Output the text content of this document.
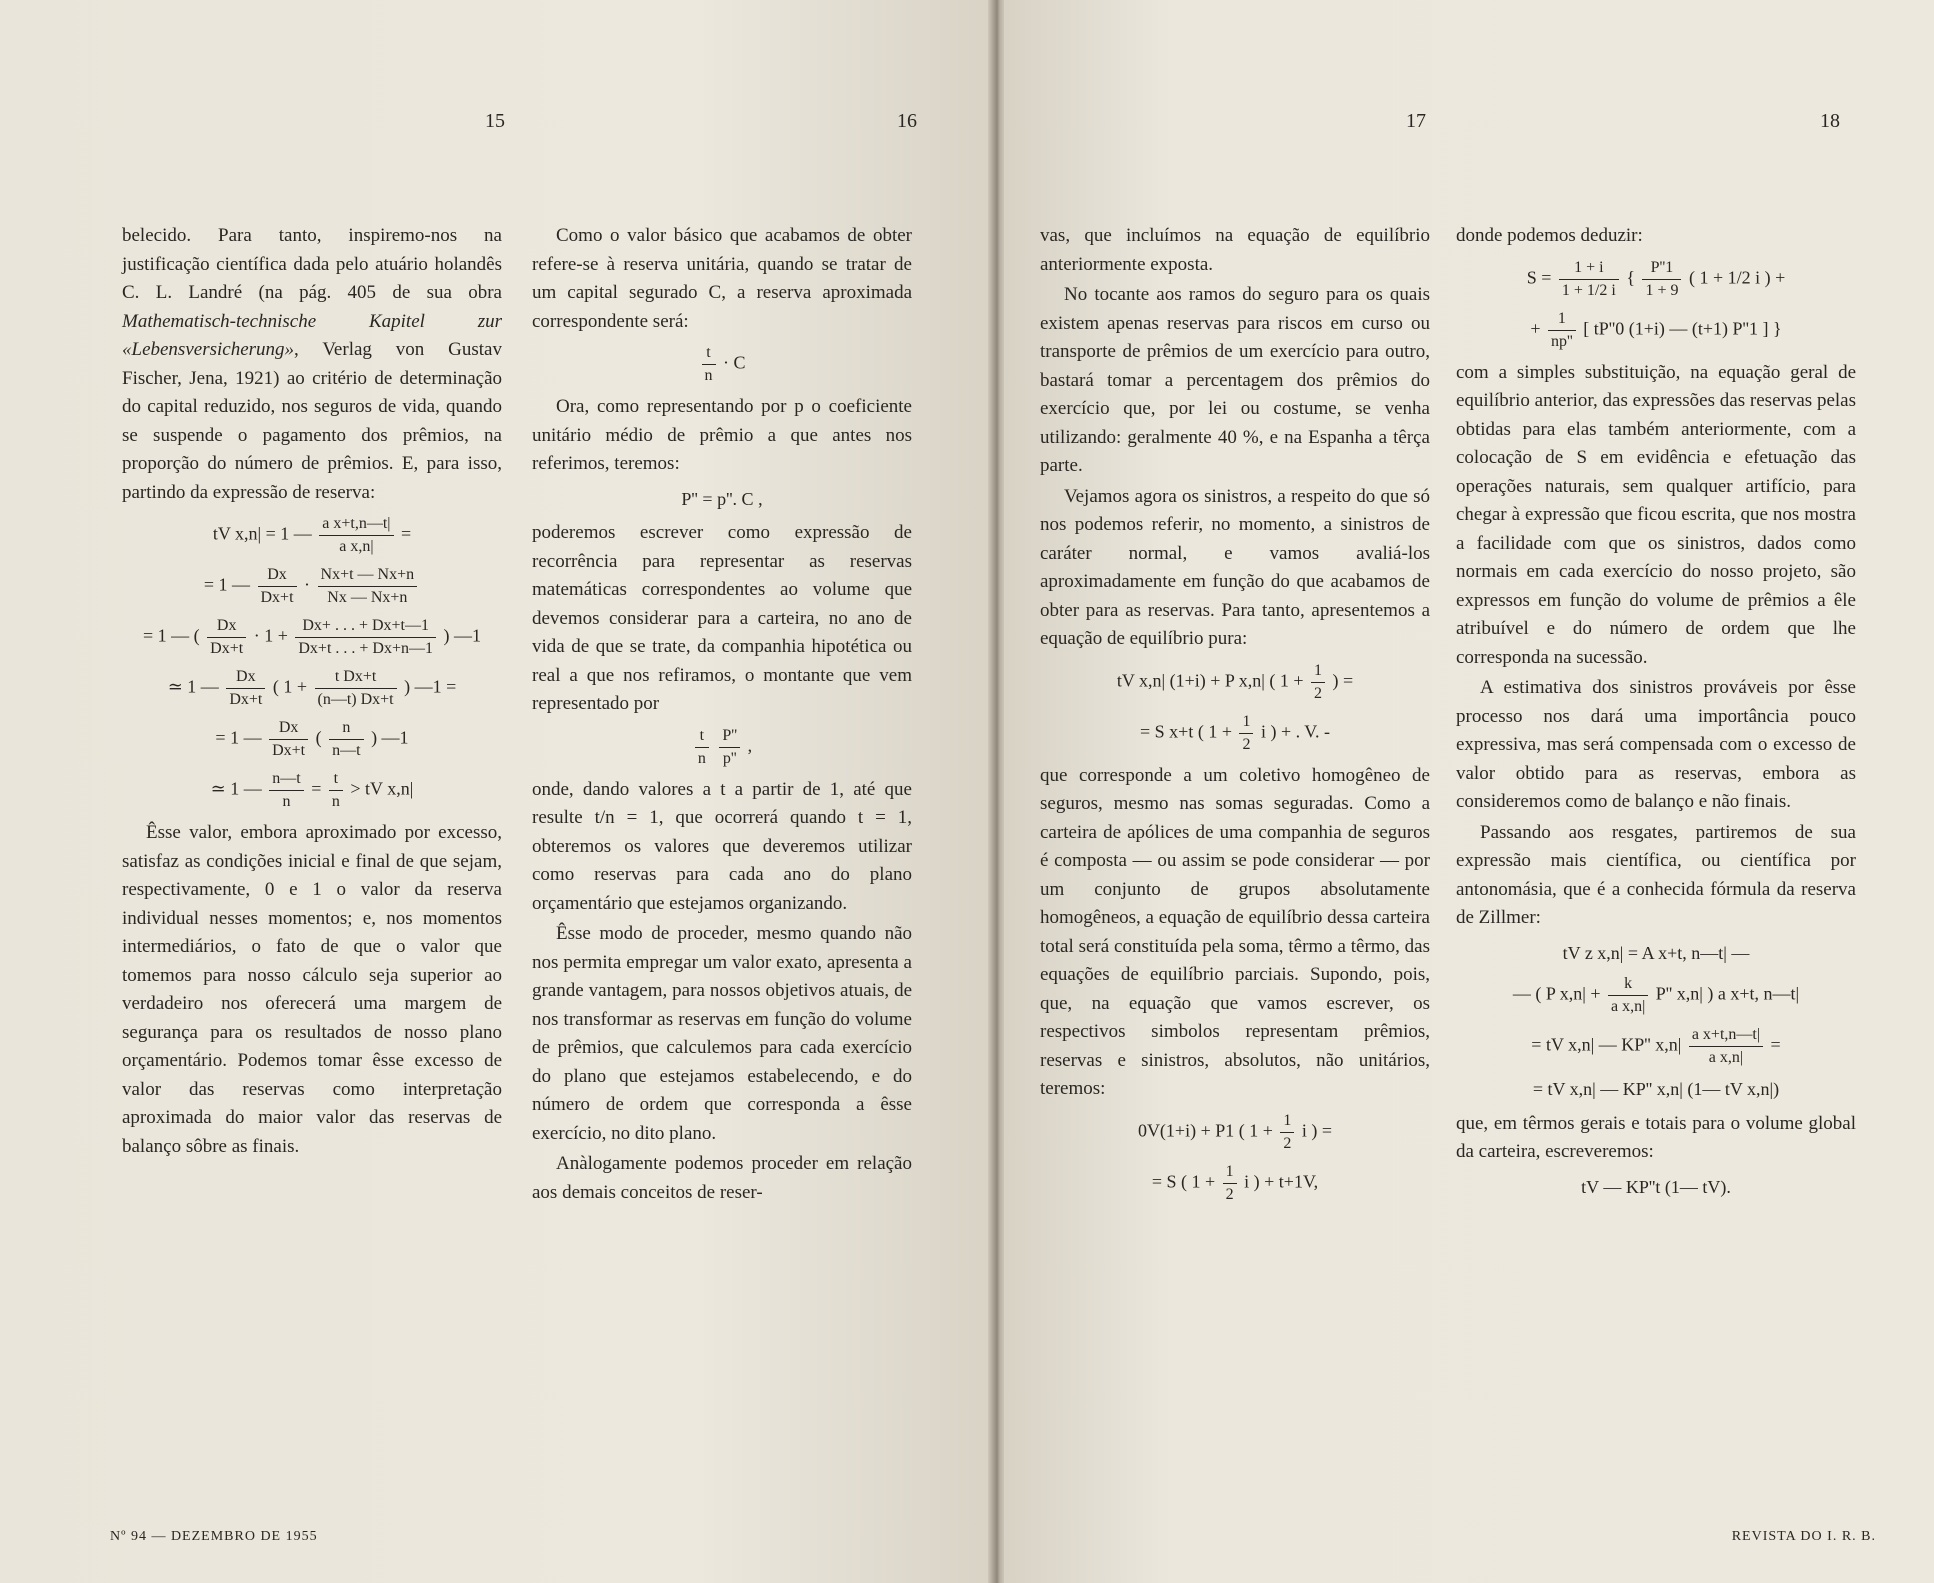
15	16

belecido. Para tanto, inspiremo-nos na justificação científica dada pelo atuário holandês C. L. Landré (na pág. 405 de sua obra Mathematisch-technische Kapitel zur «Lebensversicherung», Verlag von Gustav Fischer, Jena, 1921) ao critério de determinação do capital reduzido, nos seguros de vida, quando se suspende o pagamento dos prêmios, na proporção do número de prêmios. E, para isso, partindo da expressão de reserva:

tV x,n| = 1 — $\frac{\text{a x+t,n—t|}}{\text{a x,n|}}$ =
= 1 — $\frac{Dx}{Dx+t} \cdot \frac{Nx+t — Nx+n}{Nx — Nx+n}$
= 1 — ( $\frac{Dx}{Dx+t} \cdot 1 + \frac{Dx+ . . . + Dx+t—1}{Dx+t . . . + Dx+n—1}$ ) —1
≃ 1 — $\frac{Dx}{Dx+t}$ ( $1 + \frac{\text{t Dx+t}}{(n—t) Dx+t}$ ) —1 =
= 1 — $\frac{Dx}{Dx+t}$ ( $\frac{n}{n—t}$ ) —1
≃ 1 — $\frac{n—t}{n} = \frac{t}{n}$ > tV x,n|

Êsse valor, embora aproximado por excesso, satisfaz as condições inicial e final de que sejam, respectivamente, 0 e 1 o valor da reserva individual nesses momentos; e, nos momentos intermediários, o fato de que o valor que tomemos para nosso cálculo seja superior ao verdadeiro nos oferecerá uma margem de segurança para os resultados de nosso plano orçamentário. Podemos tomar êsse excesso de valor das reservas como interpretação aproximada do maior valor das reservas de balanço sôbre as finais.

Como o valor básico que acabamos de obter refere-se à reserva unitária, quando se tratar de um capital segurado C, a reserva aproximada correspondente será:

$\frac{t}{n} \cdot C$

Ora, como representando por p o coeficiente unitário médio de prêmio a que antes nos referimos, teremos:

P'' = p''. C ,

poderemos escrever como expressão de recorrência para representar as reservas matemáticas correspondentes ao volume que devemos considerar para a carteira, no ano de vida de que se trate, da companhia hipotética ou real a que nos refiramos, o montante que vem representado por

$\frac{t}{n}$
$\frac{P''}{p''}$ ,

onde, dando valores a t a partir de 1, até que resulte t/n = 1, que ocorrerá quando t = 1, obteremos os valores que deveremos utilizar como reservas para cada ano do plano orçamentário que estejamos organizando.

Êsse modo de proceder, mesmo quando não nos permita empregar um valor exato, apresenta a grande vantagem, para nossos objetivos atuais, de nos transformar as reservas em função do volume de prêmios, que calculemos para cada exercício do plano que estejamos estabelecendo, e do número de ordem que corresponda a êsse exercício, no dito plano.

Anàlogamente podemos proceder em relação aos demais conceitos de reser-

Nº 94 — DEZEMBRO DE 1955
17	18

vas, que incluímos na equação de equilíbrio anteriormente exposta.

No tocante aos ramos do seguro para os quais existem apenas reservas para riscos em curso ou transporte de prêmios de um exercício para outro, bastará tomar a percentagem dos prêmios do exercício que, por lei ou costume, se venha utilizando: geralmente 40 %, e na Espanha a têrça parte.

Vejamos agora os sinistros, a respeito do que só nos podemos referir, no momento, a sinistros de caráter normal, e vamos avaliá-los aproximadamente em função do que acabamos de obter para as reservas. Para tanto, apresentemos a equação de equilíbrio pura:

tV x,n| (1+i) + P x,n| ( $1 + \frac{1}{2}$ ) =
= S x+t ( $1 + \frac{1}{2}$ i ) + . V. -

que corresponde a um coletivo homogêneo de seguros, mesmo nas somas seguradas. Como a carteira de apólices de uma companhia de seguros é composta — ou assim se pode considerar — por um conjunto de grupos absolutamente homogêneos, a equação de equilíbrio dessa carteira total será constituída pela soma, têrmo a têrmo, das equações de equilíbrio parciais. Supondo, pois, que, na equação que vamos escrever, os respectivos simbolos representam prêmios, reservas e sinistros, absolutos, não unitários, teremos:

0V(1+i) + P1 ( $1 + \frac{1}{2}$ i ) =
= S ( $1 + \frac{1}{2}$ i ) + t+1V,

donde podemos deduzir:

$S = \frac{1 + i}{1 + 1/2 i}$ { $\frac{P''1}{1 + 9}$ ( 1 + 1/2 i ) +
+ $\frac{1}{np''}$ [ tP''0 (1+i) — (t+1) P''1 ] }

com a simples substituição, na equação geral de equilíbrio anterior, das expressões das reservas pelas obtidas para elas também anteriormente, com a colocação de S em evidência e efetuação das operações naturais, sem qualquer artifício, para chegar à expressão que ficou escrita, que nos mostra a facilidade com que os sinistros, dados como normais em cada exercício do nosso projeto, são expressos em função do volume de prêmios a êle atribuível e do número de ordem que lhe corresponda na sucessão.

A estimativa dos sinistros prováveis por êsse processo nos dará uma importância pouco expressiva, mas será compensada com o excesso de valor obtido para as reservas, embora as consideremos como de balanço e não finais.

Passando aos resgates, partiremos de sua expressão mais científica, ou científica por antonomásia, que é a conhecida fórmula da reserva de Zillmer:

tV z x,n| = A x+t, n—t| —
— ( P $x,n| + \frac{k}{\text{a x,n|}} P''$ x,n| ) a x+t, n—t|
= tV x,n| — KP'' $x,n| \frac{\text{a x+t,n—t|}}{\text{a x,n|}}$ =
= tV x,n| — KP'' x,n| (1— tV x,n|)

que, em têrmos gerais e totais para o volume global da carteira, escreveremos:

tV — KP''t (1— tV).
REVISTA DO I. R. B.
